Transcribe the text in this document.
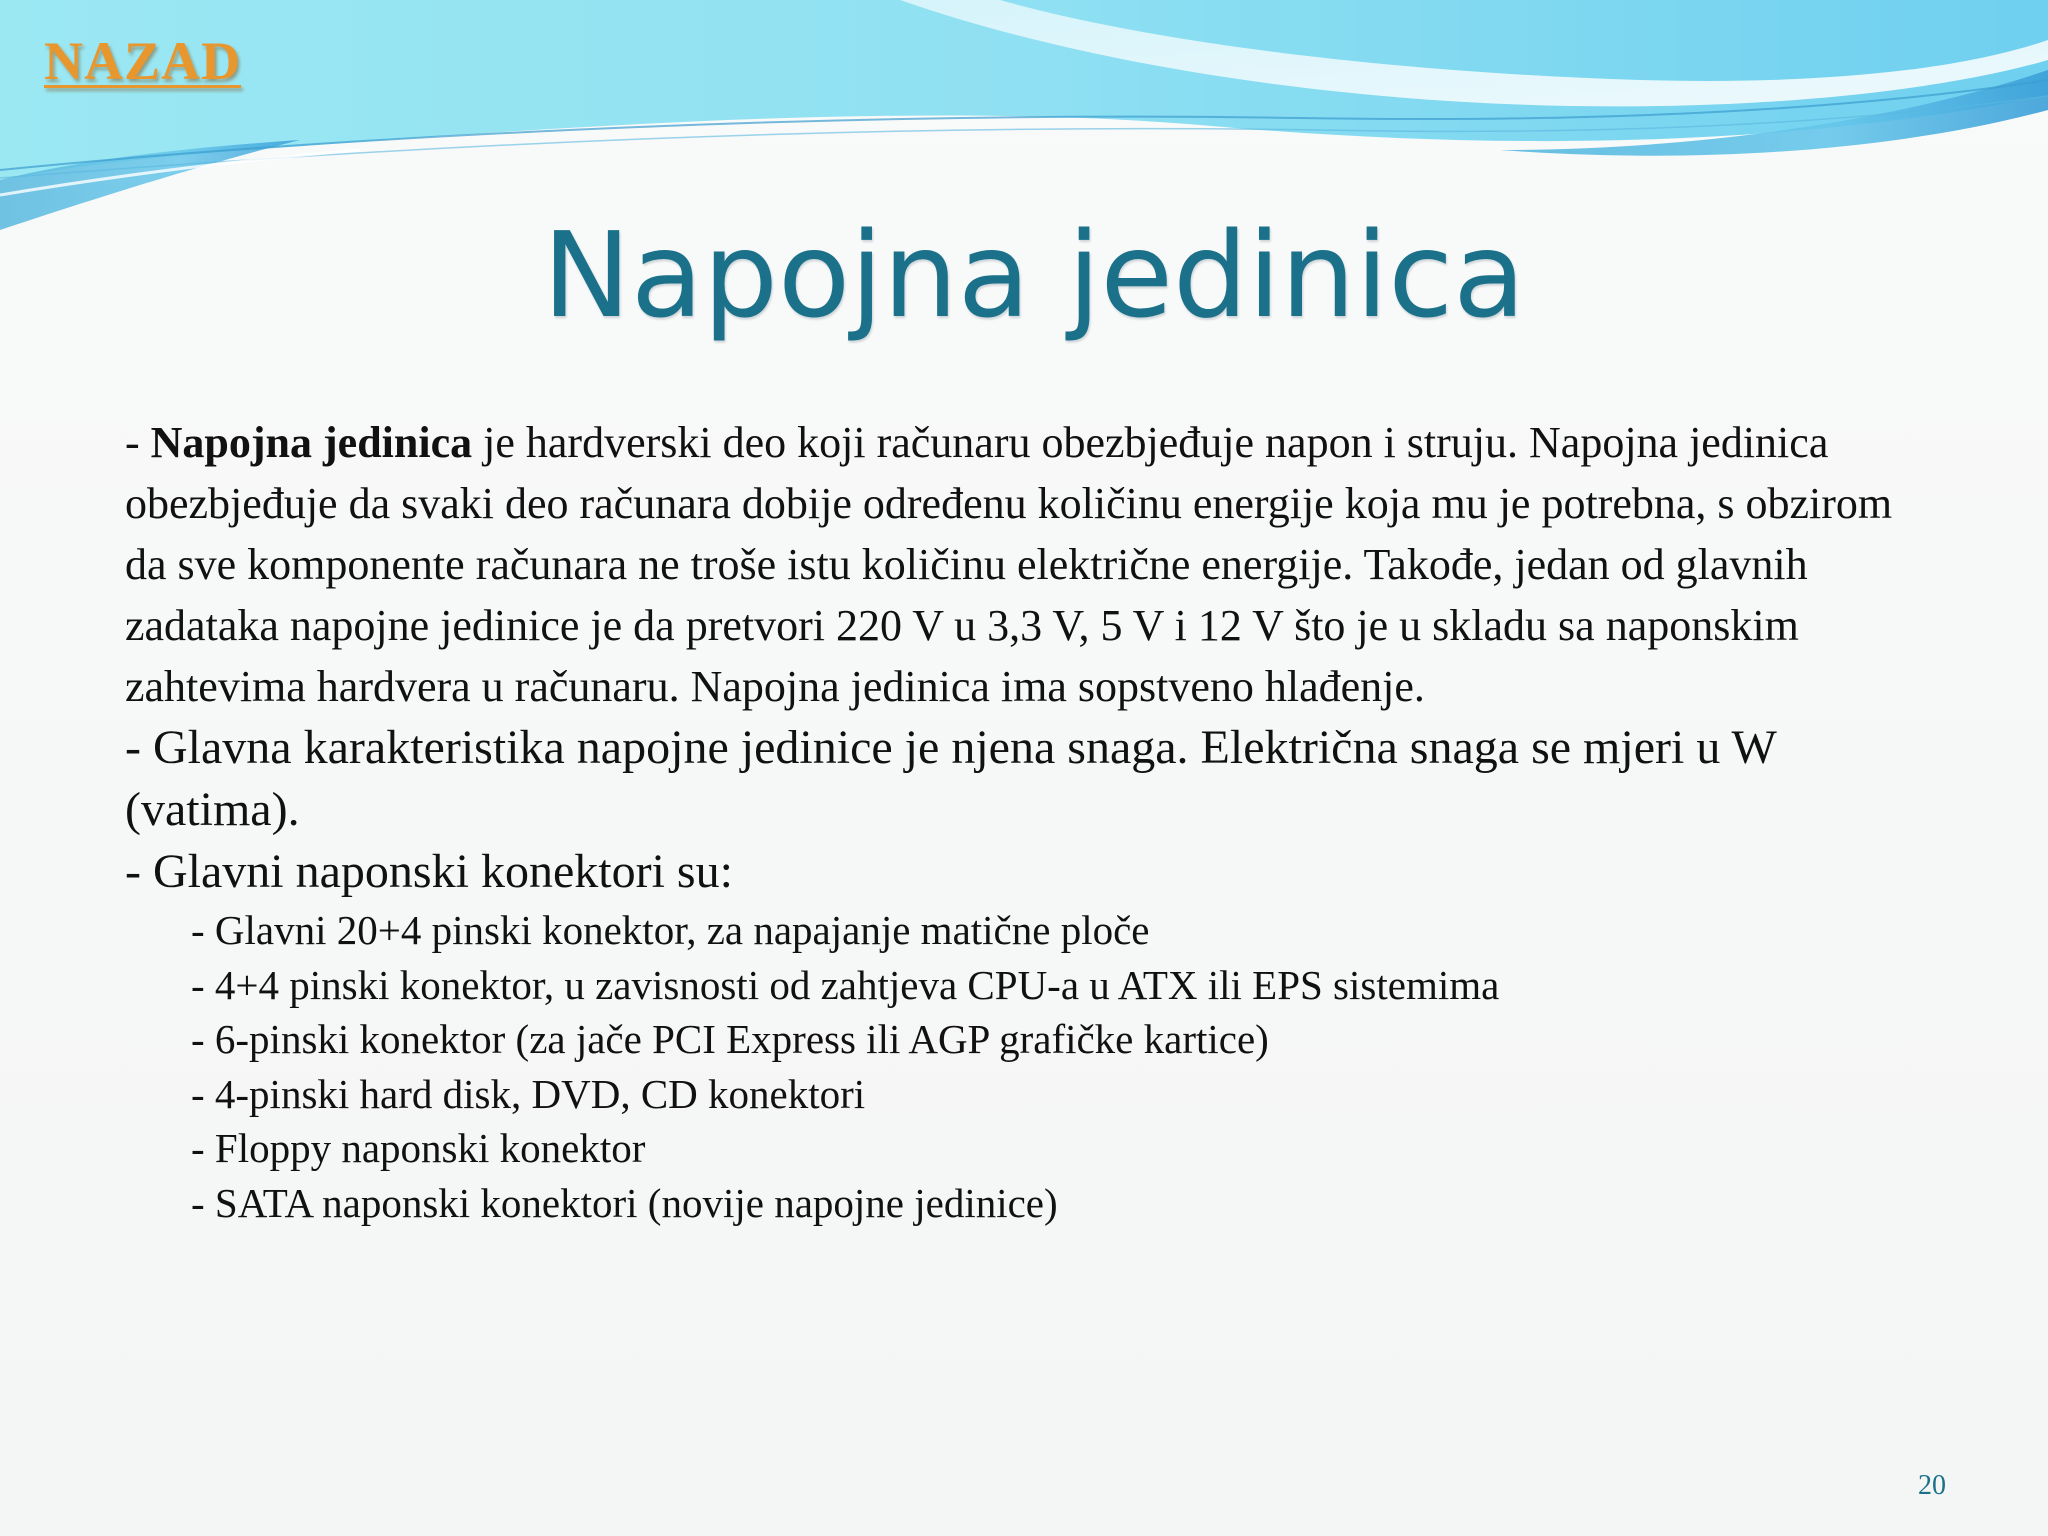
NAZAD
Napojna jedinica

- Napojna jedinica je hardverski deo koji računaru obezbjeđuje napon i struju. Napojna jedinica obezbjeđuje da svaki deo računara dobije određenu količinu energije koja mu je potrebna, s obzirom da sve komponente računara ne troše istu količinu električne energije. Takođe, jedan od glavnih zadataka napojne jedinice je da pretvori 220 V u 3,3 V, 5 V i 12 V što je u skladu sa naponskim zahtevima hardvera u računaru. Napojna jedinica ima sopstveno hlađenje.

- Glavna karakteristika napojne jedinice je njena snaga. Električna snaga se mjeri u W (vatima).

- Glavni naponski konektori su:

- Glavni 20+4 pinski konektor, za napajanje matične ploče
- 4+4 pinski konektor, u zavisnosti od zahtjeva CPU-a u ATX ili EPS sistemima
- 6-pinski konektor (za jače PCI Express ili AGP grafičke kartice)
- 4-pinski hard disk, DVD, CD konektori
- Floppy naponski konektor
- SATA naponski konektori (novije napojne jedinice)
20
